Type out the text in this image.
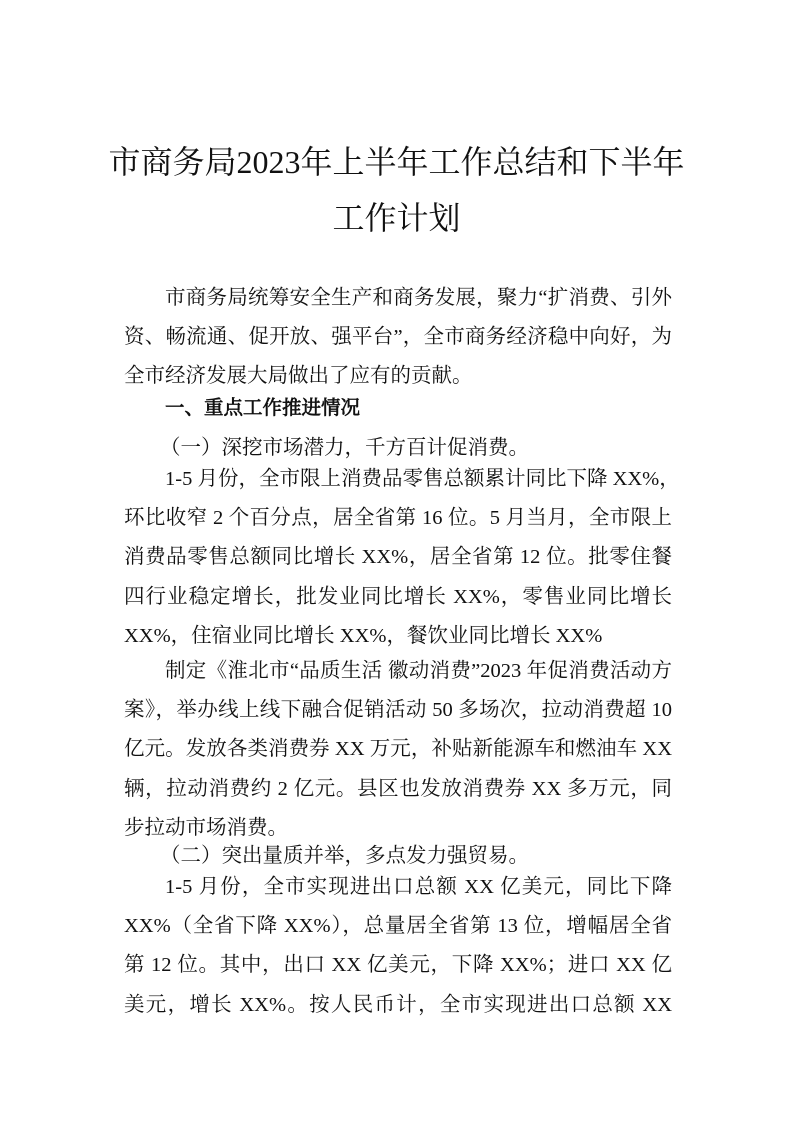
市商务局2023年上半年工作总结和下半年
工作计划
市商务局统筹安全生产和商务发展，聚力“扩消费、引外
资、畅流通、促开放、强平台”，全市商务经济稳中向好，为
全市经济发展大局做出了应有的贡献。
一、重点工作推进情况
（一）深挖市场潜力，千方百计促消费。
1-5 月份，全市限上消费品零售总额累计同比下降 XX%，
环比收窄 2 个百分点，居全省第 16 位。5 月当月，全市限上
消费品零售总额同比增长 XX%，居全省第 12 位。批零住餐
四行业稳定增长，批发业同比增长 XX%，零售业同比增长
XX%，住宿业同比增长 XX%，餐饮业同比增长 XX%
制定《淮北市“品质生活 徽动消费”2023 年促消费活动方
案》，举办线上线下融合促销活动 50 多场次，拉动消费超 10
亿元。发放各类消费券 XX 万元，补贴新能源车和燃油车 XX
辆，拉动消费约 2 亿元。县区也发放消费券 XX 多万元，同
步拉动市场消费。
（二）突出量质并举，多点发力强贸易。
1-5 月份，全市实现进出口总额 XX 亿美元，同比下降
XX%（全省下降 XX%），总量居全省第 13 位，增幅居全省
第 12 位。其中，出口 XX 亿美元，下降 XX%；进口 XX 亿
美元，增长 XX%。按人民币计，全市实现进出口总额 XX
